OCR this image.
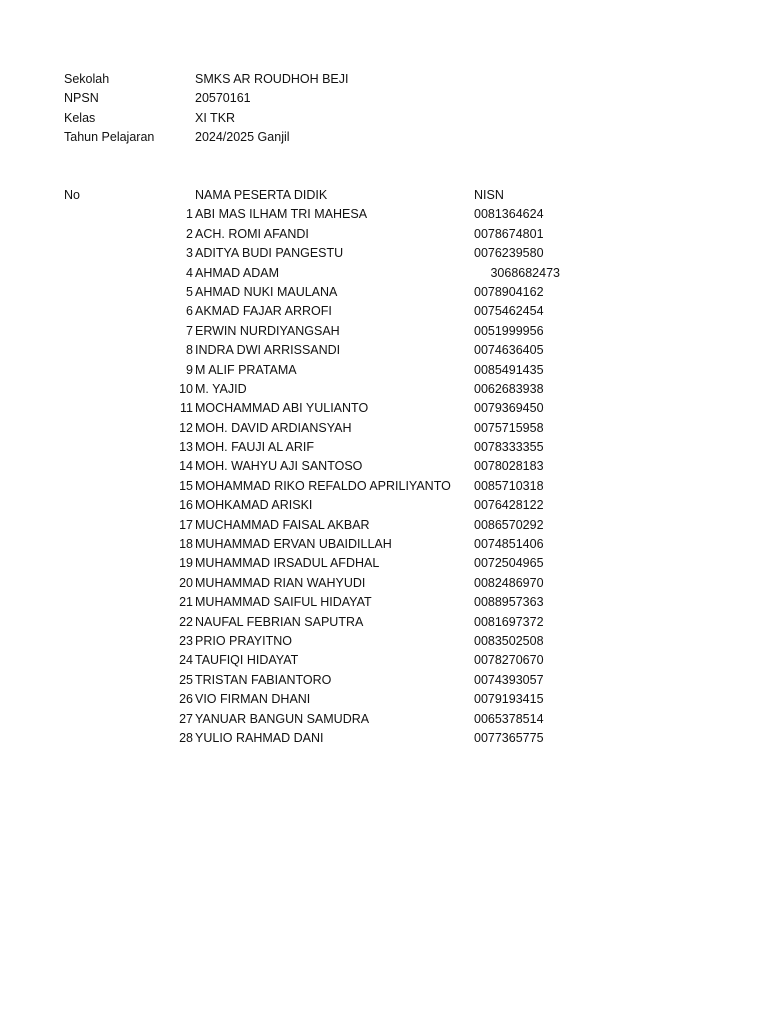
Sekolah	SMKS AR ROUDHOH BEJI
NPSN	20570161
Kelas	XI TKR
Tahun Pelajaran	2024/2025 Ganjil
No	NAMA PESERTA DIDIK	NISN
1 ABI MAS ILHAM TRI MAHESA	0081364624
2 ACH. ROMI AFANDI	0078674801
3 ADITYA BUDI PANGESTU	0076239580
4 AHMAD ADAM	3068682473
5 AHMAD NUKI MAULANA	0078904162
6 AKMAD FAJAR ARROFI	0075462454
7 ERWIN NURDIYANGSAH	0051999956
8 INDRA DWI ARRISSANDI	0074636405
9 M ALIF PRATAMA	0085491435
10 M. YAJID	0062683938
11 MOCHAMMAD ABI YULIANTO	0079369450
12 MOH. DAVID ARDIANSYAH	0075715958
13 MOH. FAUJI AL ARIF	0078333355
14 MOH. WAHYU AJI SANTOSO	0078028183
15 MOHAMMAD RIKO REFALDO APRILIYANTO 0085710318
16 MOHKAMAD ARISKI	0076428122
17 MUCHAMMAD FAISAL AKBAR	0086570292
18 MUHAMMAD ERVAN UBAIDILLAH	0074851406
19 MUHAMMAD IRSADUL AFDHAL	0072504965
20 MUHAMMAD RIAN WAHYUDI	0082486970
21 MUHAMMAD SAIFUL HIDAYAT	0088957363
22 NAUFAL FEBRIAN SAPUTRA	0081697372
23 PRIO PRAYITNO	0083502508
24 TAUFIQI HIDAYAT	0078270670
25 TRISTAN FABIANTORO	0074393057
26 VIO FIRMAN DHANI	0079193415
27 YANUAR BANGUN SAMUDRA	0065378514
28 YULIO RAHMAD DANI	0077365775
